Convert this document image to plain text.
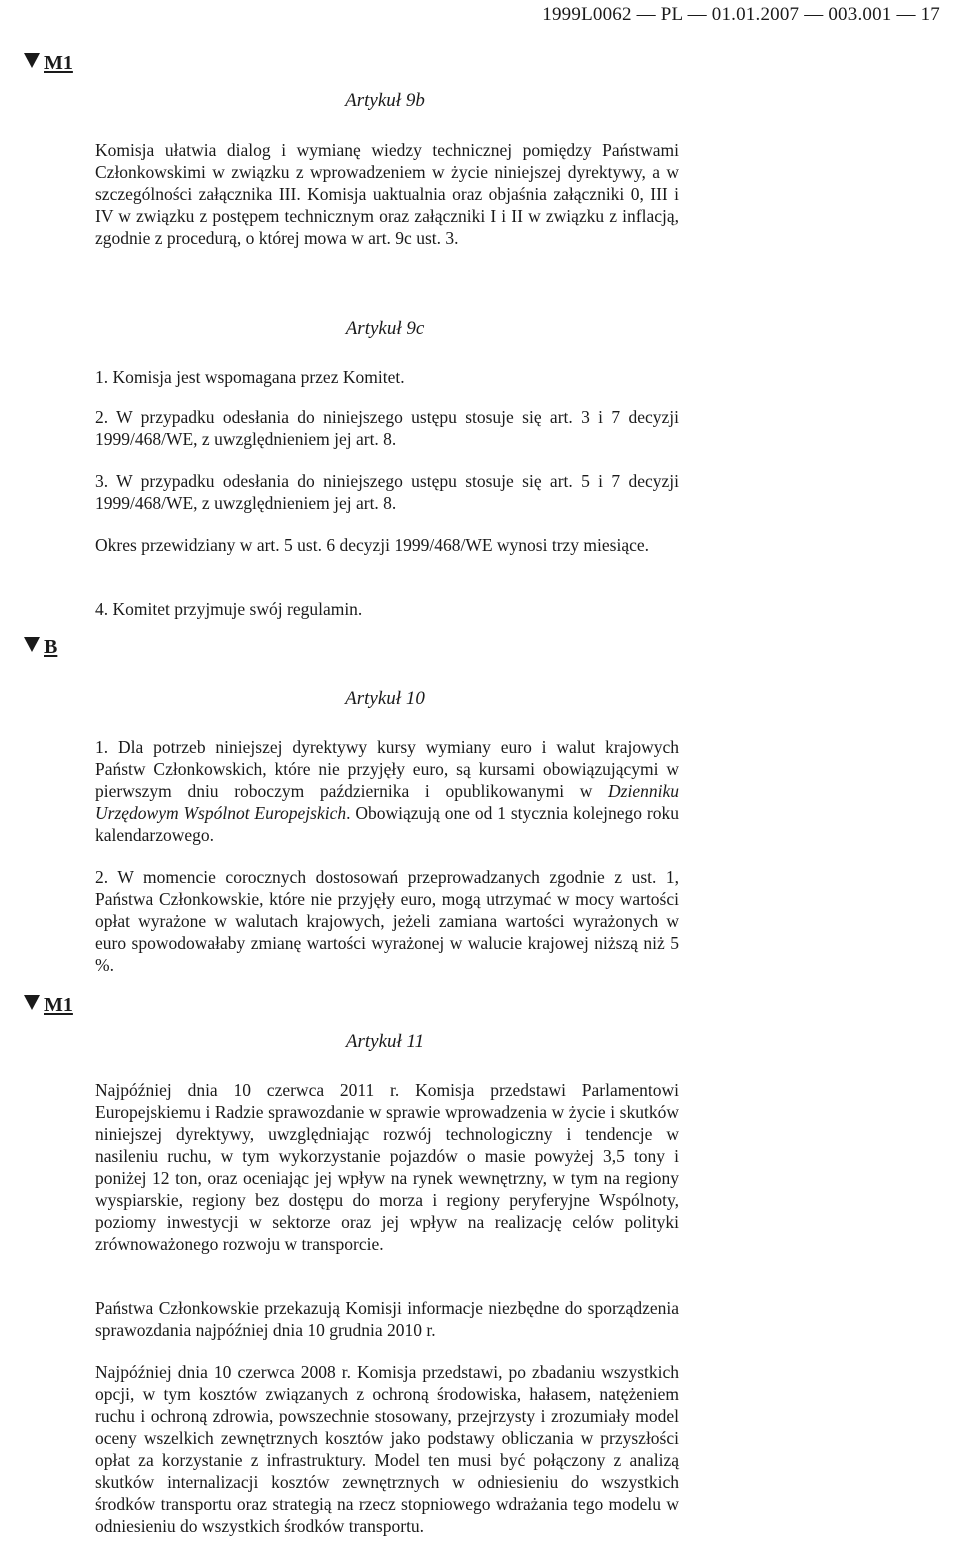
1999L0062 — PL — 01.01.2007 — 003.001 — 17
M1
B
M1
Artykuł 9b

Komisja ułatwia dialog i wymianę wiedzy technicznej pomiędzy Państwami Członkowskimi w związku z wprowadzeniem w życie niniejszej dyrektywy, a w szczególności załącznika III. Komisja uaktualnia oraz objaśnia załączniki 0, III i IV w związku z postępem technicznym oraz załączniki I i II w związku z inflacją, zgodnie z procedurą, o której mowa w art. 9c ust. 3.

Artykuł 9c

1. Komisja jest wspomagana przez Komitet.

2. W przypadku odesłania do niniejszego ustępu stosuje się art. 3 i 7 decyzji 1999/468/WE, z uwzględnieniem jej art. 8.

3. W przypadku odesłania do niniejszego ustępu stosuje się art. 5 i 7 decyzji 1999/468/WE, z uwzględnieniem jej art. 8.

Okres przewidziany w art. 5 ust. 6 decyzji 1999/468/WE wynosi trzy miesiące.

4. Komitet przyjmuje swój regulamin.

Artykuł 10

1. Dla potrzeb niniejszej dyrektywy kursy wymiany euro i walut krajowych Państw Członkowskich, które nie przyjęły euro, są kursami obowiązującymi w pierwszym dniu roboczym października i opublikowanymi w Dzienniku Urzędowym Wspólnot Europejskich. Obowiązują one od 1 stycznia kolejnego roku kalendarzowego.

2. W momencie corocznych dostosowań przeprowadzanych zgodnie z ust. 1, Państwa Członkowskie, które nie przyjęły euro, mogą utrzymać w mocy wartości opłat wyrażone w walutach krajowych, jeżeli zamiana wartości wyrażonych w euro spowodowałaby zmianę wartości wyrażonej w walucie krajowej niższą niż 5 %.

Artykuł 11

Najpóźniej dnia 10 czerwca 2011 r. Komisja przedstawi Parlamentowi Europejskiemu i Radzie sprawozdanie w sprawie wprowadzenia w życie i skutków niniejszej dyrektywy, uwzględniając rozwój technologiczny i tendencje w nasileniu ruchu, w tym wykorzystanie pojazdów o masie powyżej 3,5 tony i poniżej 12 ton, oraz oceniając jej wpływ na rynek wewnętrzny, w tym na regiony wyspiarskie, regiony bez dostępu do morza i regiony peryferyjne Wspólnoty, poziomy inwestycji w sektorze oraz jej wpływ na realizację celów polityki zrównoważonego rozwoju w transporcie.

Państwa Członkowskie przekazują Komisji informacje niezbędne do sporządzenia sprawozdania najpóźniej dnia 10 grudnia 2010 r.

Najpóźniej dnia 10 czerwca 2008 r. Komisja przedstawi, po zbadaniu wszystkich opcji, w tym kosztów związanych z ochroną środowiska, hałasem, natężeniem ruchu i ochroną zdrowia, powszechnie stosowany, przejrzysty i zrozumiały model oceny wszelkich zewnętrznych kosztów jako podstawy obliczania w przyszłości opłat za korzystanie z infrastruktury. Model ten musi być połączony z analizą skutków internalizacji kosztów zewnętrznych w odniesieniu do wszystkich środków transportu oraz strategią na rzecz stopniowego wdrażania tego modelu w odniesieniu do wszystkich środków transportu.
